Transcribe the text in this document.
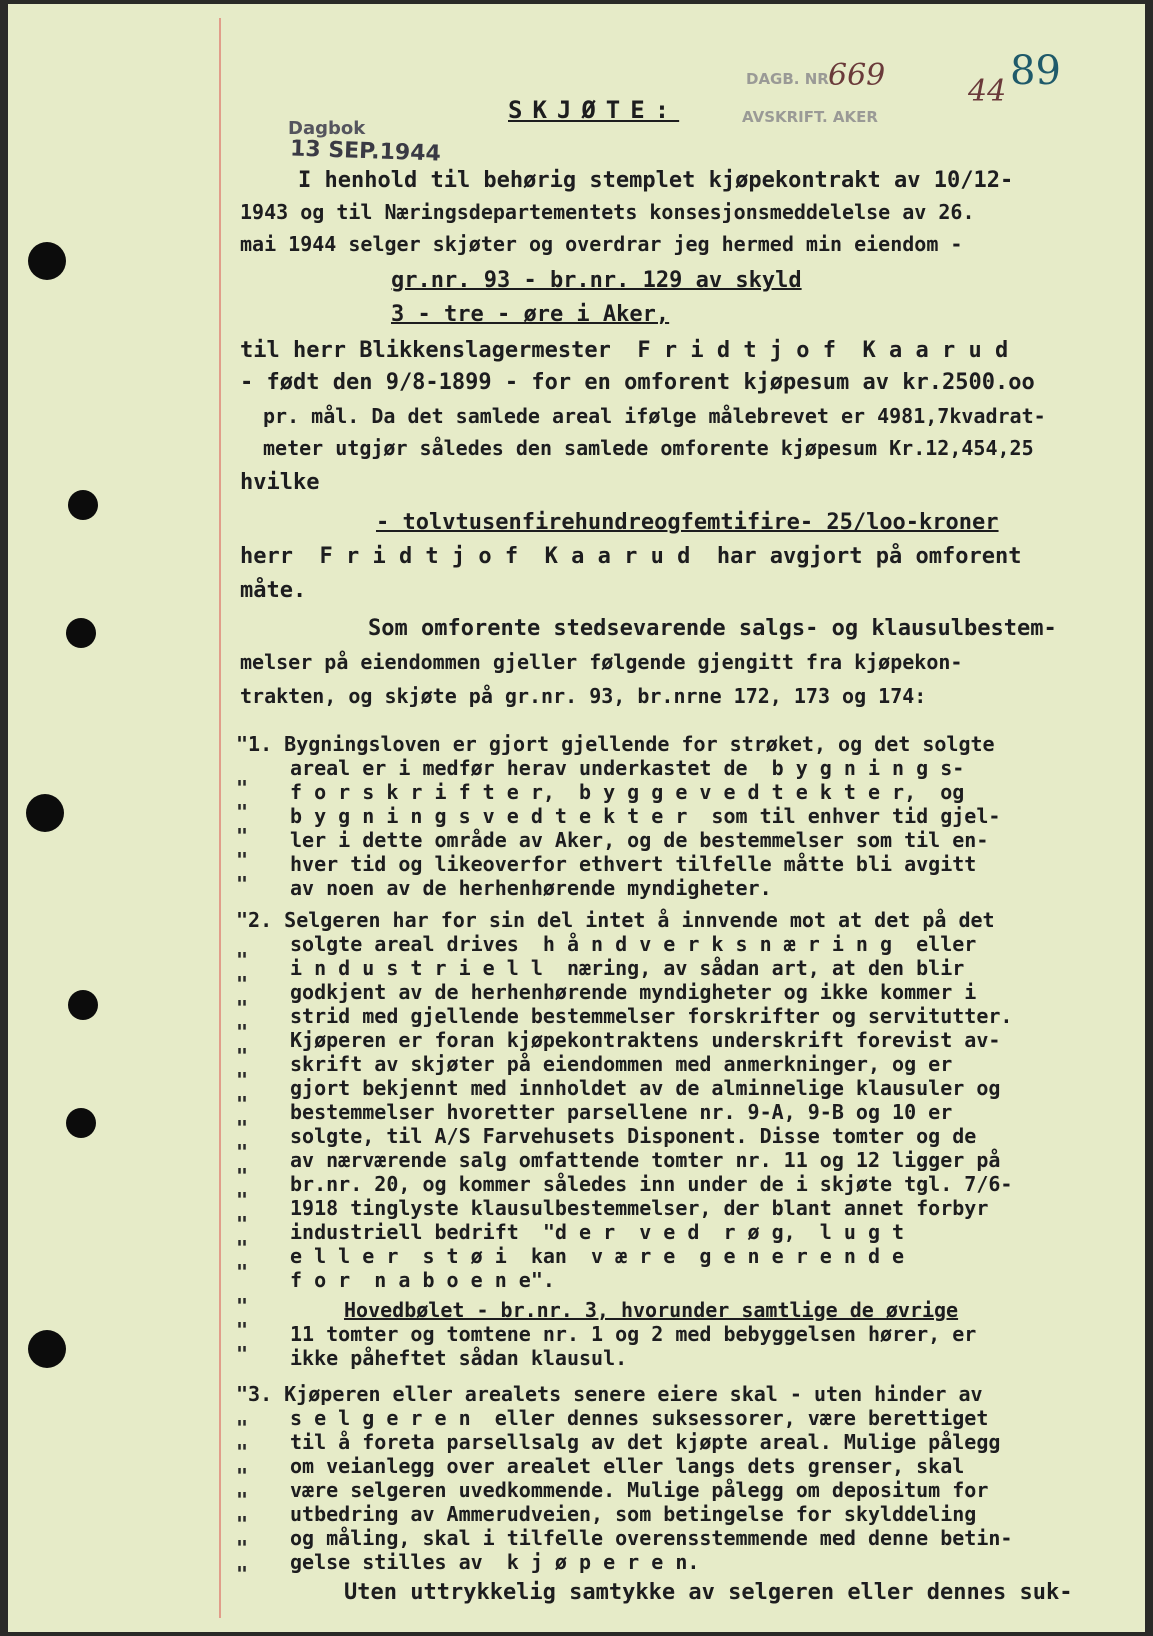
89
SKJØTE:
DAGB. NR.
AVSKRIFT. AKER
669	44
Dagbok
13 SEP.1944
I henhold til behørig stemplet kjøpekontrakt av 10/12-
1943 og til Næringsdepartementets konsesjonsmeddelelse av 26.
mai 1944 selger skjøter og overdrar jeg hermed min eiendom -
gr.nr. 93 - br.nr. 129 av skyld
3 - tre - øre i Aker,
til herr Blikkenslagermester  F r i d t j o f  K a a r u d
- født den 9/8-1899 - for en omforent kjøpesum av kr.2500.oo
pr. mål. Da det samlede areal ifølge målebrevet er 4981,7kvadrat-
meter utgjør således den samlede omforente kjøpesum Kr.12,454,25
hvilke
- tolvtusenfirehundreogfemtifire- 25/loo-kroner
herr  F r i d t j o f  K a a r u d  har avgjort på omforent
måte.
Som omforente stedsevarende salgs- og klausulbestem-
melser på eiendommen gjeller følgende gjengitt fra kjøpekon-
trakten, og skjøte på gr.nr. 93, br.nrne 172, 173 og 174:
"1. Bygningsloven er gjort gjellende for strøket, og det solgte
areal er i medfør herav underkastet de  b y g n i n g s-
f o r s k r i f t e r,  b y g g e v e d t e k t e r,  og
b y g n i n g s v e d t e k t e r  som til enhver tid gjel-
ler i dette område av Aker, og de bestemmelser som til en-
hver tid og likeoverfor ethvert tilfelle måtte bli avgitt
av noen av de herhenhørende myndigheter.
"2. Selgeren har for sin del intet å innvende mot at det på det
solgte areal drives  h å n d v e r k s n æ r i n g  eller
i n d u s t r i e l l  næring, av sådan art, at den blir
godkjent av de herhenhørende myndigheter og ikke kommer i
strid med gjellende bestemmelser forskrifter og servitutter.
Kjøperen er foran kjøpekontraktens underskrift forevist av-
skrift av skjøter på eiendommen med anmerkninger, og er
gjort bekjennt med innholdet av de alminnelige klausuler og
bestemmelser hvoretter parsellene nr. 9-A, 9-B og 10 er
solgte, til A/S Farvehusets Disponent. Disse tomter og de
av nærværende salg omfattende tomter nr. 11 og 12 ligger på
br.nr. 20, og kommer således inn under de i skjøte tgl. 7/6-
1918 tinglyste klausulbestemmelser, der blant annet forbyr
industriell bedrift  "d e r  v e d  r ø g,  l u g t
e l l e r  s t ø i  kan  v æ r e  g e n e r e n d e
f o r  n a b o e n e".
Hovedbølet - br.nr. 3, hvorunder samtlige de øvrige
11 tomter og tomtene nr. 1 og 2 med bebyggelsen hører, er
ikke påheftet sådan klausul.
"3. Kjøperen eller arealets senere eiere skal - uten hinder av
s e l g e r e n  eller dennes suksessorer, være berettiget
til å foreta parsellsalg av det kjøpte areal. Mulige pålegg
om veianlegg over arealet eller langs dets grenser, skal
være selgeren uvedkommende. Mulige pålegg om depositum for
utbedring av Ammerudveien, som betingelse for skylddeling
og måling, skal i tilfelle overensstemmende med denne betin-
gelse stilles av  k j ø p e r e n.
Uten uttrykkelig samtykke av selgeren eller dennes suk-
"
"
"
"
"
"
"
"
"
"
"
"
"
"
"
"
"
"
"
"
"
"
"
"
"
"
"
"
"
